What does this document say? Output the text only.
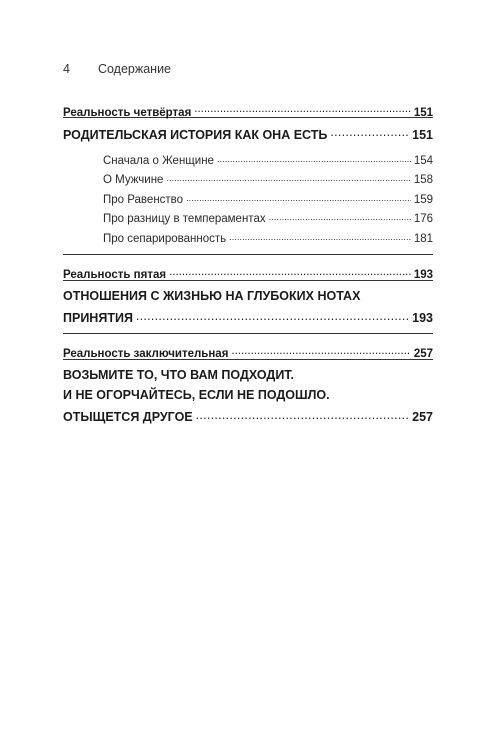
4 Содержание
Реальность четвёртая . . .	151
РОДИТЕЛЬСКАЯ ИСТОРИЯ КАК ОНА ЕСТЬ . . .	151
Сначала о Женщине . . .	154
О Мужчине . . .	158
Про Равенство . . .	159
Про разницу в темпераментах . . .	176
Про сепарированность . . .	181
Реальность пятая . . .	193
ОТНОШЕНИЯ С ЖИЗНЬЮ НА ГЛУБОКИХ НОТАХ
ПРИНЯТИЯ . . .	193
Реальность заключительная . . .	257
ВОЗЬМИТЕ ТО, ЧТО ВАМ ПОДХОДИТ.
И НЕ ОГОРЧАЙТЕСЬ, ЕСЛИ НЕ ПОДОШЛО.
ОТЫЩЕТСЯ ДРУГОЕ . . .	257
